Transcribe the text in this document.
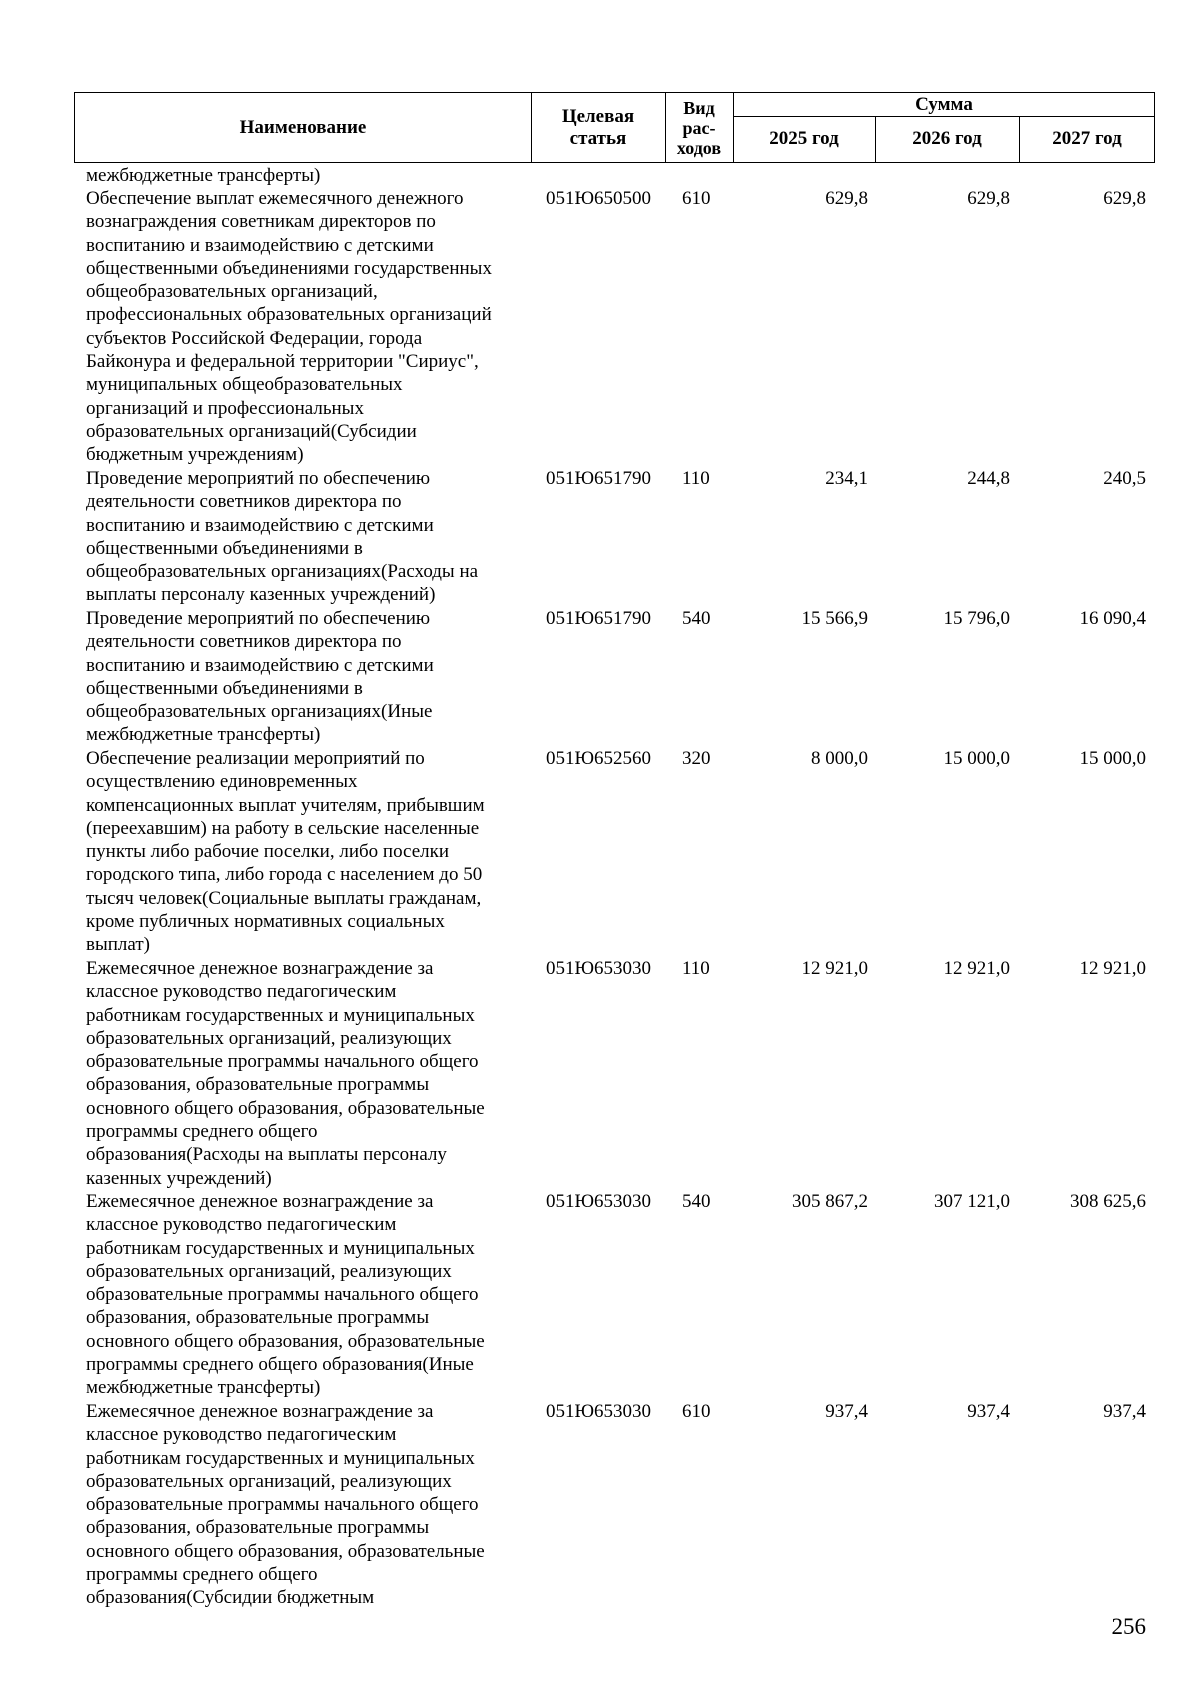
Наименование
Целевая статья
Вид рас-ходов
Сумма
2025 год	2026 год	2027 год
межбюджетные трансферты)
Обеспечение выплат ежемесячного денежного
вознаграждения советникам директоров по
воспитанию и взаимодействию с детскими
общественными объединениями государственных
общеобразовательных организаций,
профессиональных образовательных организаций
субъектов Российской Федерации, города
Байконура и федеральной территории "Сириус",
муниципальных общеобразовательных
организаций и профессиональных
образовательных организаций(Субсидии
бюджетным учреждениям)
051Ю650500	610	629,8	629,8	629,8
Проведение мероприятий по обеспечению
деятельности советников директора по
воспитанию и взаимодействию с детскими
общественными объединениями в
общеобразовательных организациях(Расходы на
выплаты персоналу казенных учреждений)
051Ю651790	110	234,1	244,8	240,5
Проведение мероприятий по обеспечению
деятельности советников директора по
воспитанию и взаимодействию с детскими
общественными объединениями в
общеобразовательных организациях(Иные
межбюджетные трансферты)
051Ю651790	540	15 566,9	15 796,0	16 090,4
Обеспечение реализации мероприятий по
осуществлению единовременных
компенсационных выплат учителям, прибывшим
(переехавшим) на работу в сельские населенные
пункты либо рабочие поселки, либо поселки
городского типа, либо города с населением до 50
тысяч человек(Социальные выплаты гражданам,
кроме публичных нормативных социальных
выплат)
051Ю652560	320	8 000,0	15 000,0	15 000,0
Ежемесячное денежное вознаграждение за
классное руководство педагогическим
работникам государственных и муниципальных
образовательных организаций, реализующих
образовательные программы начального общего
образования, образовательные программы
основного общего образования, образовательные
программы среднего общего
образования(Расходы на выплаты персоналу
казенных учреждений)
051Ю653030	110	12 921,0	12 921,0	12 921,0
Ежемесячное денежное вознаграждение за
классное руководство педагогическим
работникам государственных и муниципальных
образовательных организаций, реализующих
образовательные программы начального общего
образования, образовательные программы
основного общего образования, образовательные
программы среднего общего образования(Иные
межбюджетные трансферты)
051Ю653030	540	305 867,2	307 121,0	308 625,6
Ежемесячное денежное вознаграждение за
классное руководство педагогическим
работникам государственных и муниципальных
образовательных организаций, реализующих
образовательные программы начального общего
образования, образовательные программы
основного общего образования, образовательные
программы среднего общего
образования(Субсидии бюджетным
051Ю653030	610	937,4	937,4	937,4
256
